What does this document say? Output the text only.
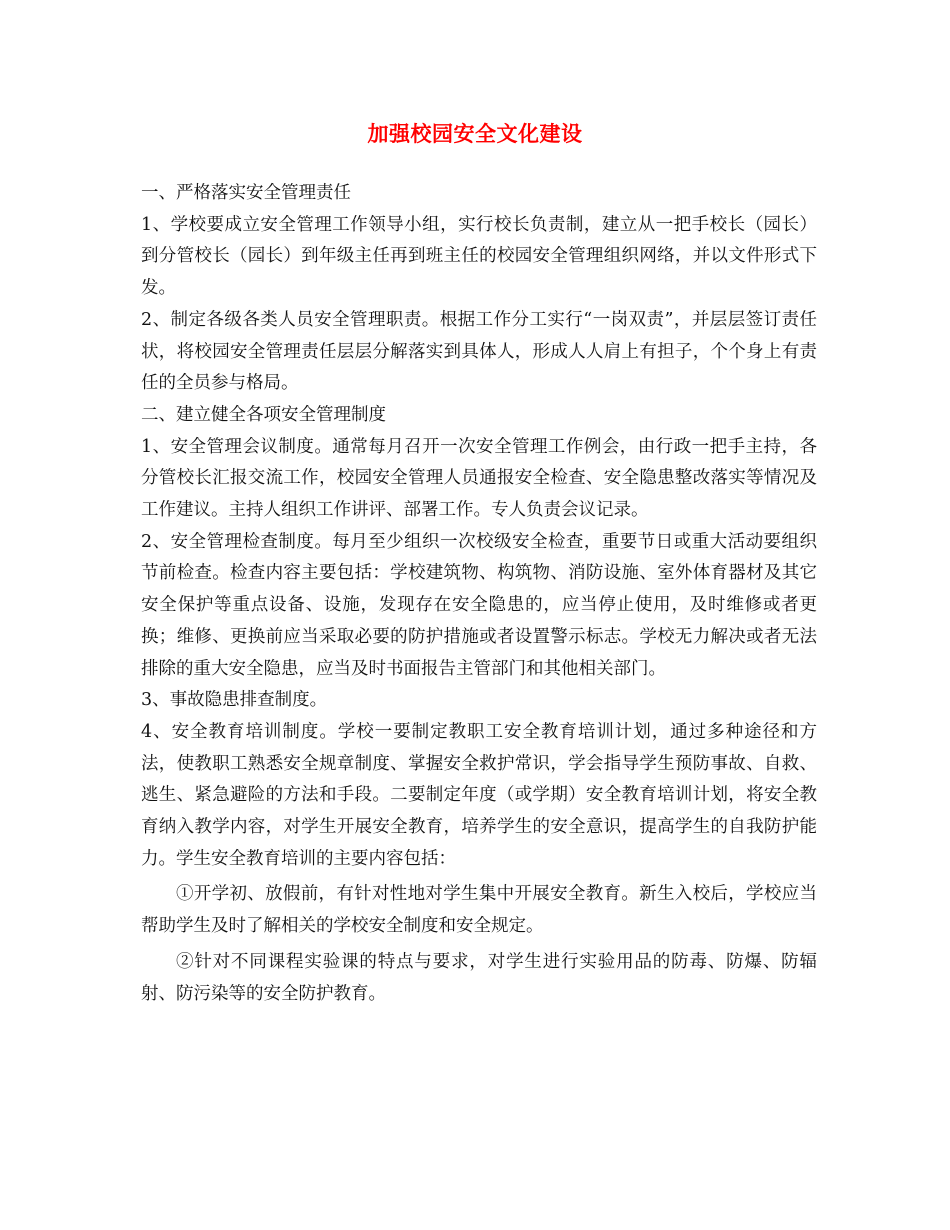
加强校园安全文化建设

一、严格落实安全管理责任

1、学校要成立安全管理工作领导小组，实行校长负责制，建立从一把手校长（园长）到分管校长（园长）到年级主任再到班主任的校园安全管理组织网络，并以文件形式下发。

2、制定各级各类人员安全管理职责。根据工作分工实行“一岗双责”，并层层签订责任状，将校园安全管理责任层层分解落实到具体人，形成人人肩上有担子，个个身上有责任的全员参与格局。

二、建立健全各项安全管理制度

1、安全管理会议制度。通常每月召开一次安全管理工作例会，由行政一把手主持，各分管校长汇报交流工作，校园安全管理人员通报安全检查、安全隐患整改落实等情况及工作建议。主持人组织工作讲评、部署工作。专人负责会议记录。

2、安全管理检查制度。每月至少组织一次校级安全检查，重要节日或重大活动要组织节前检查。检查内容主要包括：学校建筑物、构筑物、消防设施、室外体育器材及其它安全保护等重点设备、设施，发现存在安全隐患的，应当停止使用，及时维修或者更换；维修、更换前应当采取必要的防护措施或者设置警示标志。学校无力解决或者无法排除的重大安全隐患，应当及时书面报告主管部门和其他相关部门。

3、事故隐患排查制度。

4、安全教育培训制度。学校一要制定教职工安全教育培训计划，通过多种途径和方法，使教职工熟悉安全规章制度、掌握安全救护常识，学会指导学生预防事故、自救、逃生、紧急避险的方法和手段。二要制定年度（或学期）安全教育培训计划，将安全教育纳入教学内容，对学生开展安全教育，培养学生的安全意识，提高学生的自我防护能力。学生安全教育培训的主要内容包括：

①开学初、放假前，有针对性地对学生集中开展安全教育。新生入校后，学校应当帮助学生及时了解相关的学校安全制度和安全规定。

②针对不同课程实验课的特点与要求，对学生进行实验用品的防毒、防爆、防辐射、防污染等的安全防护教育。
